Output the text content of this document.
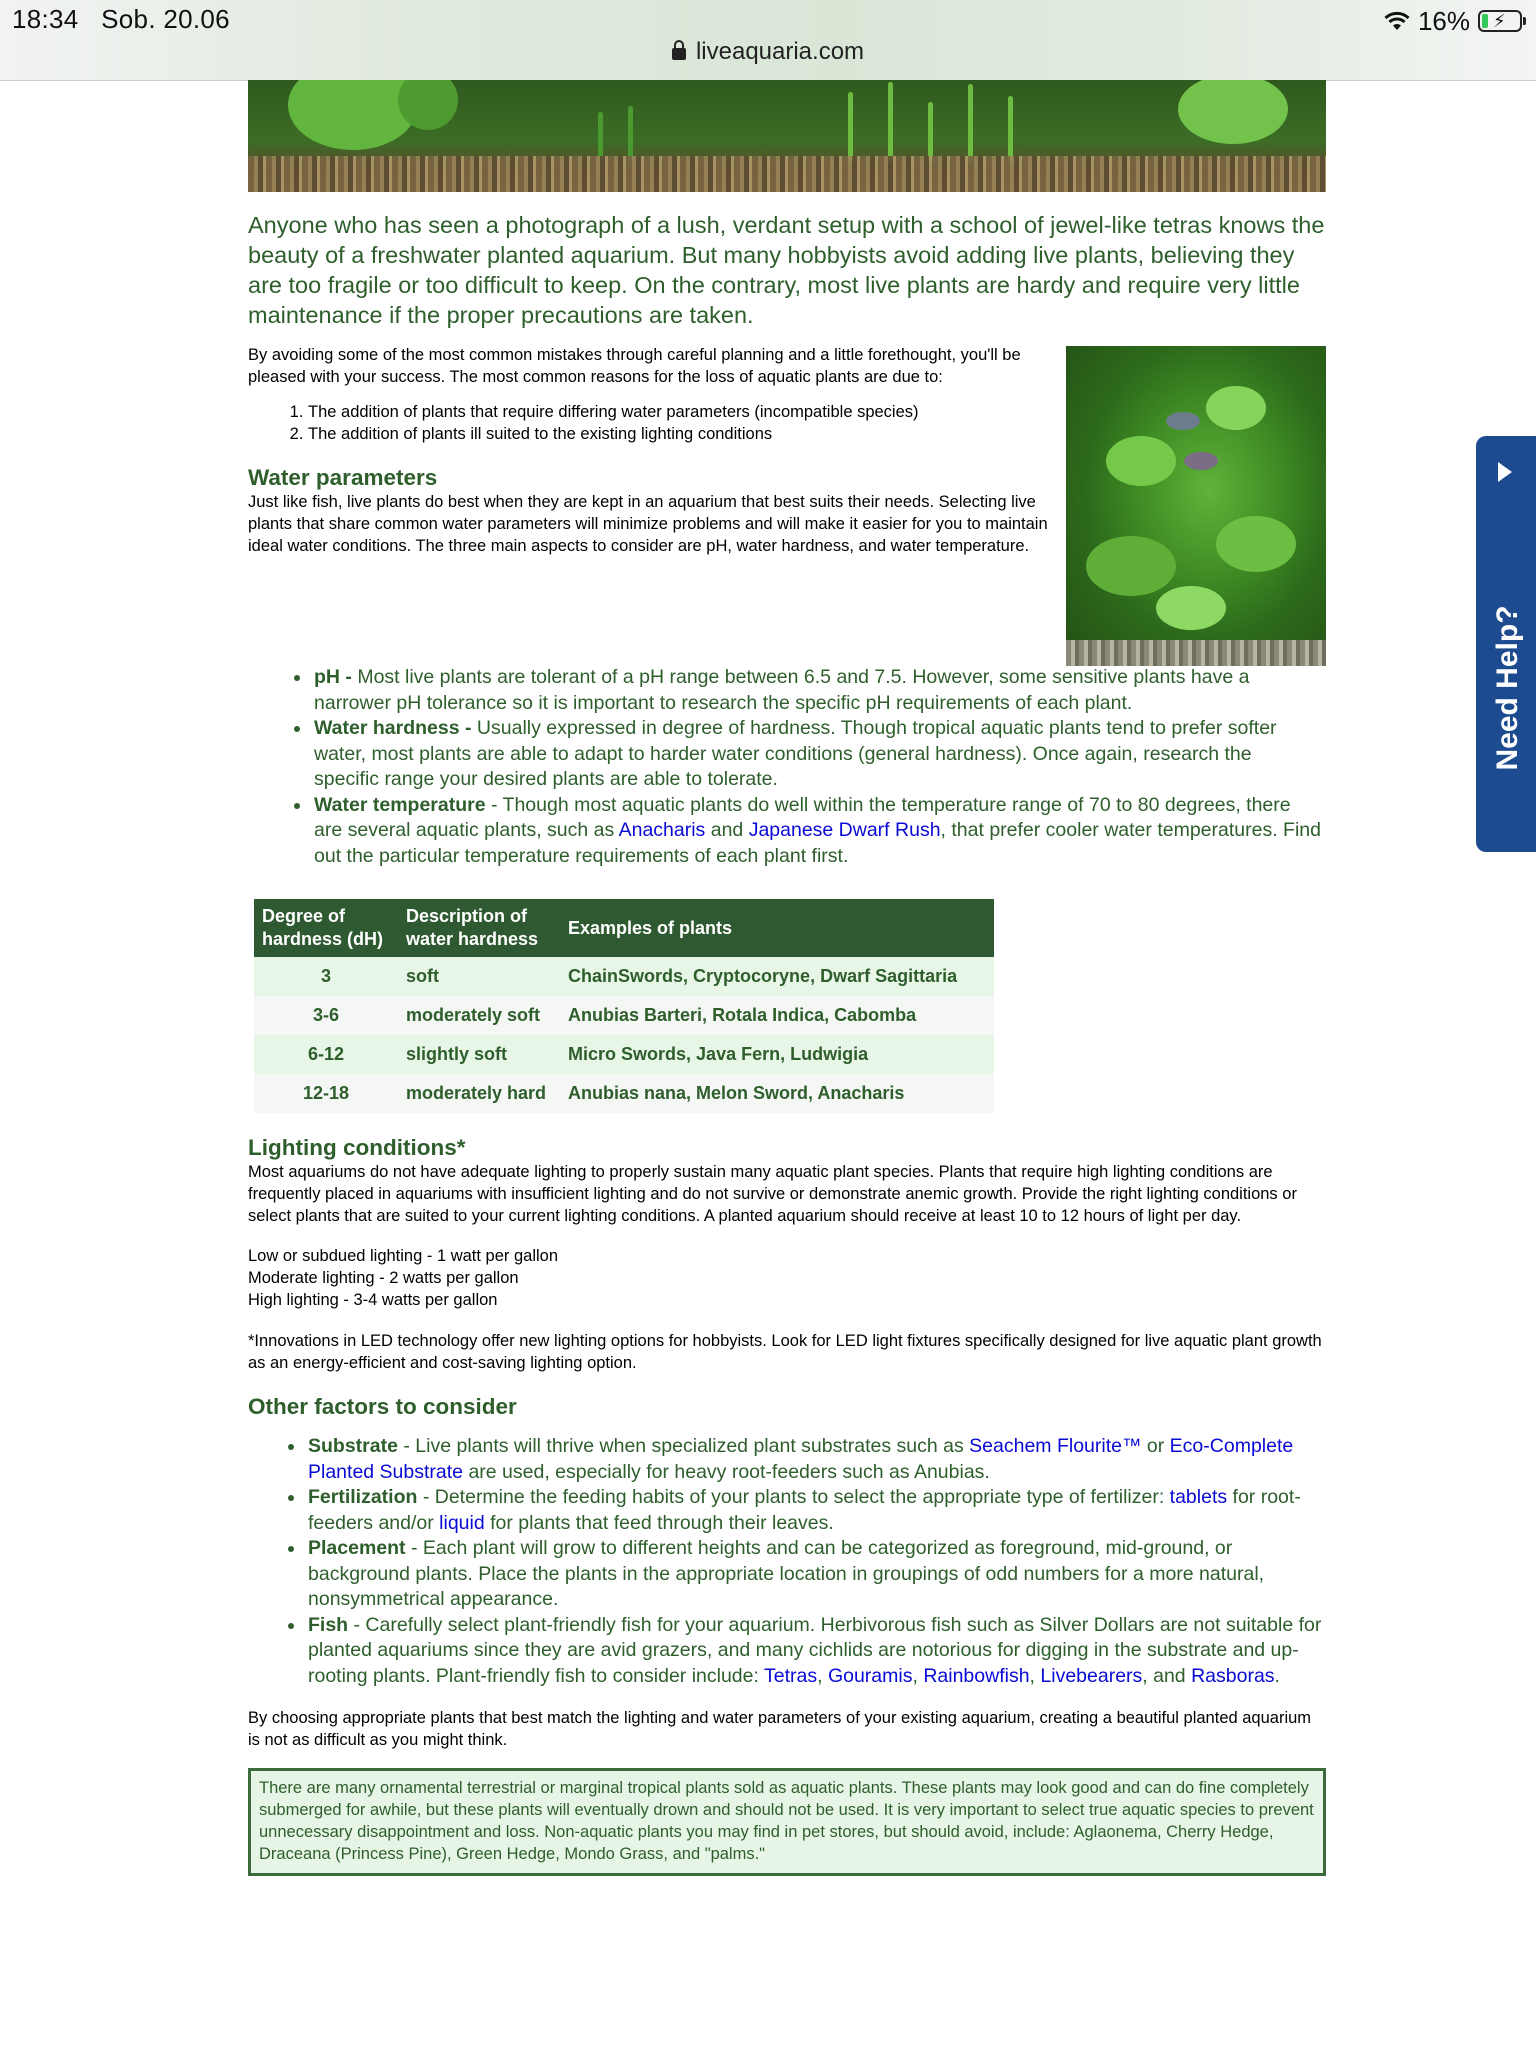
18:34 Sob. 20.06	16% ⚡
liveaquaria.com

Anyone who has seen a photograph of a lush, verdant setup with a school of jewel-like tetras knows the beauty of a freshwater planted aquarium. But many hobbyists avoid adding live plants, believing they are too fragile or too difficult to keep. On the contrary, most live plants are hardy and require very little maintenance if the proper precautions are taken.

By avoiding some of the most common mistakes through careful planning and a little forethought, you'll be pleased with your success. The most common reasons for the loss of aquatic plants are due to:

1. The addition of plants that require differing water parameters (incompatible species)
2. The addition of plants ill suited to the existing lighting conditions
Water parameters

Just like fish, live plants do best when they are kept in an aquarium that best suits their needs. Selecting live plants that share common water parameters will minimize problems and will make it easier for you to maintain ideal water conditions. The three main aspects to consider are pH, water hardness, and water temperature.

• pH - Most live plants are tolerant of a pH range between 6.5 and 7.5. However, some sensitive plants have a narrower pH tolerance so it is important to research the specific pH requirements of each plant.
• Water hardness - Usually expressed in degree of hardness. Though tropical aquatic plants tend to prefer softer water, most plants are able to adapt to harder water conditions (general hardness). Once again, research the specific range your desired plants are able to tolerate.
• Water temperature - Though most aquatic plants do well within the temperature range of 70 to 80 degrees, there are several aquatic plants, such as Anacharis and Japanese Dwarf Rush, that prefer cooler water temperatures. Find out the particular temperature requirements of each plant first.
Degree of hardness (dH)	Description of water hardness	Examples of plants
3	soft	ChainSwords, Cryptocoryne, Dwarf Sagittaria
3-6	moderately soft	Anubias Barteri, Rotala Indica, Cabomba
6-12	slightly soft	Micro Swords, Java Fern, Ludwigia
12-18	moderately hard	Anubias nana, Melon Sword, Anacharis
Lighting conditions*

Most aquariums do not have adequate lighting to properly sustain many aquatic plant species. Plants that require high lighting conditions are frequently placed in aquariums with insufficient lighting and do not survive or demonstrate anemic growth. Provide the right lighting conditions or select plants that are suited to your current lighting conditions. A planted aquarium should receive at least 10 to 12 hours of light per day.

Low or subdued lighting - 1 watt per gallon
Moderate lighting - 2 watts per gallon
High lighting - 3-4 watts per gallon

*Innovations in LED technology offer new lighting options for hobbyists. Look for LED light fixtures specifically designed for live aquatic plant growth as an energy-efficient and cost-saving lighting option.

Other factors to consider
• Substrate - Live plants will thrive when specialized plant substrates such as Seachem Flourite™ or Eco-Complete Planted Substrate are used, especially for heavy root-feeders such as Anubias.
• Fertilization - Determine the feeding habits of your plants to select the appropriate type of fertilizer: tablets for root-feeders and/or liquid for plants that feed through their leaves.
• Placement - Each plant will grow to different heights and can be categorized as foreground, mid-ground, or background plants. Place the plants in the appropriate location in groupings of odd numbers for a more natural, nonsymmetrical appearance.
• Fish - Carefully select plant-friendly fish for your aquarium. Herbivorous fish such as Silver Dollars are not suitable for planted aquariums since they are avid grazers, and many cichlids are notorious for digging in the substrate and up-rooting plants. Plant-friendly fish to consider include: Tetras, Gouramis, Rainbowfish, Livebearers, and Rasboras.

By choosing appropriate plants that best match the lighting and water parameters of your existing aquarium, creating a beautiful planted aquarium is not as difficult as you might think.

There are many ornamental terrestrial or marginal tropical plants sold as aquatic plants. These plants may look good and can do fine completely submerged for awhile, but these plants will eventually drown and should not be used. It is very important to select true aquatic species to prevent unnecessary disappointment and loss. Non-aquatic plants you may find in pet stores, but should avoid, include: Aglaonema, Cherry Hedge, Draceana (Princess Pine), Green Hedge, Mondo Grass, and "palms."
Need Help?
